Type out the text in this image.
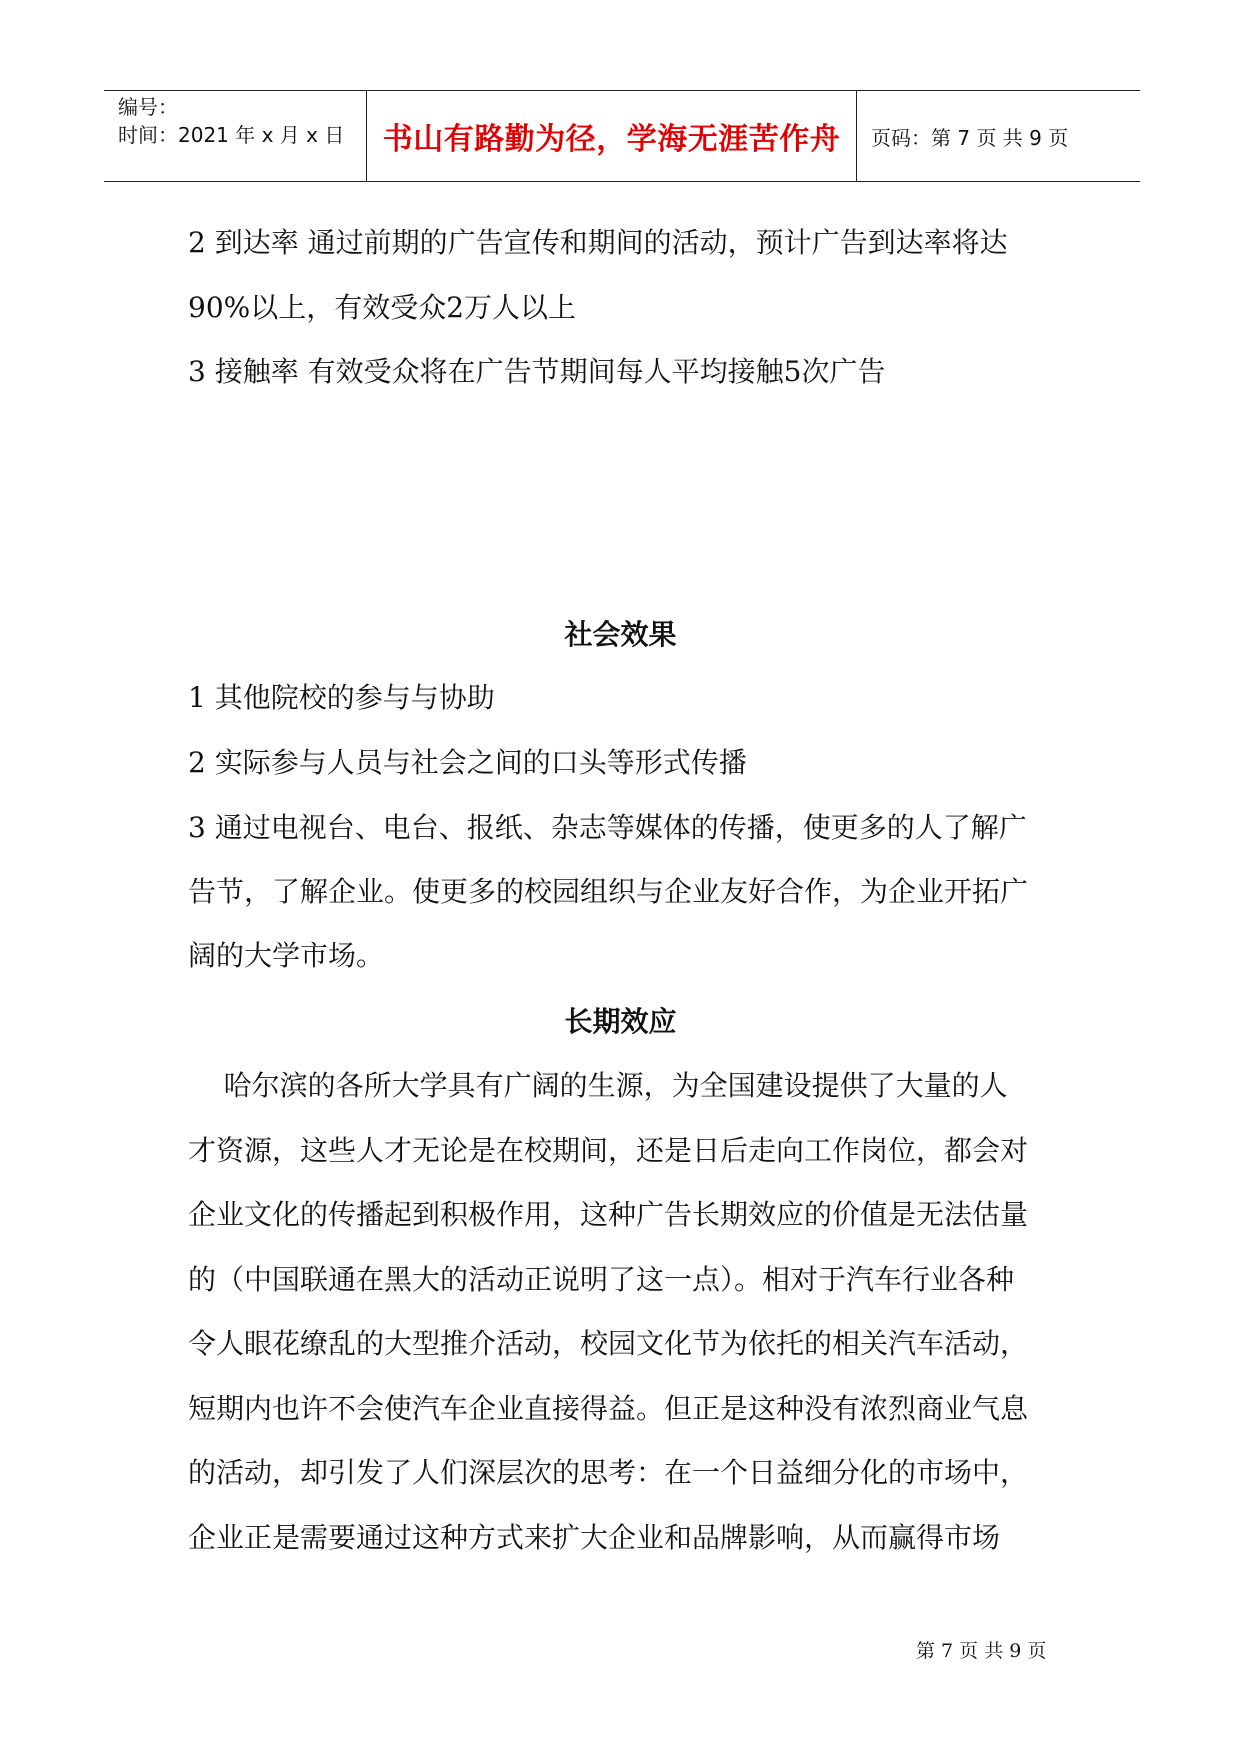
编号：
时间：2021 年 x 月 x 日	书山有路勤为径，学海无涯苦作舟	页码：第 7 页 共 9 页
2 到达率 通过前期的广告宣传和期间的活动，预计广告到达率将达
90%以上，有效受众2万人以上
3 接触率 有效受众将在广告节期间每人平均接触5次广告
社会效果
1 其他院校的参与与协助
2 实际参与人员与社会之间的口头等形式传播
3 通过电视台、电台、报纸、杂志等媒体的传播，使更多的人了解广
告节，了解企业。使更多的校园组织与企业友好合作，为企业开拓广
阔的大学市场。
长期效应
哈尔滨的各所大学具有广阔的生源，为全国建设提供了大量的人
才资源，这些人才无论是在校期间，还是日后走向工作岗位，都会对
企业文化的传播起到积极作用，这种广告长期效应的价值是无法估量
的（中国联通在黑大的活动正说明了这一点）。相对于汽车行业各种
令人眼花缭乱的大型推介活动，校园文化节为依托的相关汽车活动，
短期内也许不会使汽车企业直接得益。但正是这种没有浓烈商业气息
的活动，却引发了人们深层次的思考：在一个日益细分化的市场中，
企业正是需要通过这种方式来扩大企业和品牌影响，从而赢得市场
第 7 页 共 9 页
